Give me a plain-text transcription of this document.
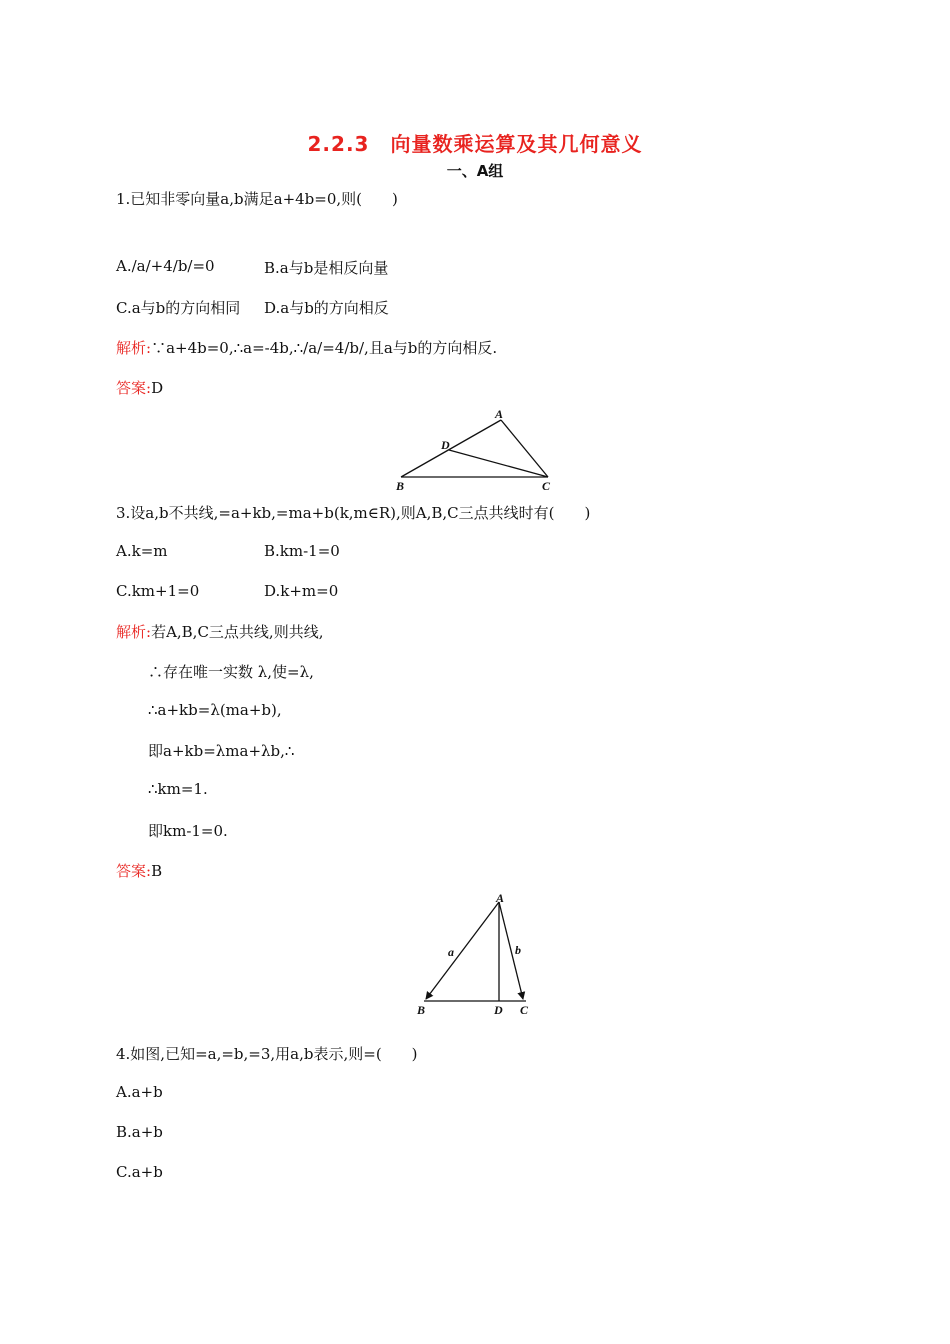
2.2.3　向量数乘运算及其几何意义
一、A组
1.已知非零向量a,b满足a+4b=0,则(　　)
A./a/+4/b/=0	B.a与b是相反向量
C.a与b的方向相同 D.a与b的方向相反
解析:∵a+4b=0,∴a=-4b,∴/a/=4/b/,且a与b的方向相反.
答案:D
A
D
B	C
3.设a,b不共线,=a+kb,=ma+b(k,m∈R),则A,B,C三点共线时有(　　)
A.k=m	B.km-1=0
C.km+1=0	D.k+m=0
解析:若A,B,C三点共线,则共线,
∴存在唯一实数 λ,使=λ,
∴a+kb=λ(ma+b),
即a+kb=λma+λb,∴
∴km=1.
即km-1=0.
答案:B
A
a	b
B	D C
4.如图,已知=a,=b,=3,用a,b表示,则=(　　)
A.a+b
B.a+b
C.a+b
